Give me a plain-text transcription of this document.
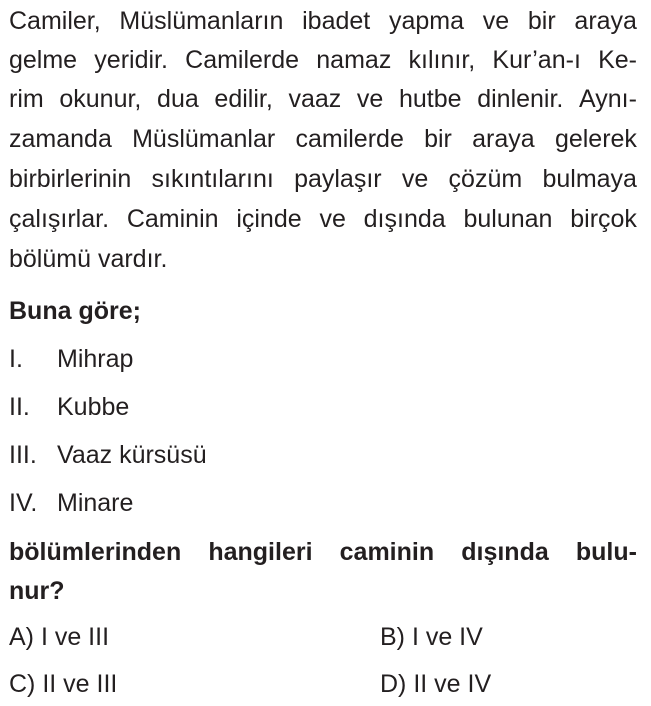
Camiler, Müslümanların ibadet yapma ve bir araya
gelme yeridir. Camilerde namaz kılınır, Kur’an-ı Ke-
rim okunur, dua edilir, vaaz ve hutbe dinlenir. Aynı-
zamanda Müslümanlar camilerde bir araya gelerek
birbirlerinin sıkıntılarını paylaşır ve çözüm bulmaya
çalışırlar. Caminin içinde ve dışında bulunan birçok
bölümü vardır.
Buna göre;
I. Mihrap
II. Kubbe
III. Vaaz kürsüsü
IV. Minare
bölümlerinden hangileri caminin dışında bulu-
nur?
A) I ve III	B) I ve IV
C) II ve III	D) II ve IV
